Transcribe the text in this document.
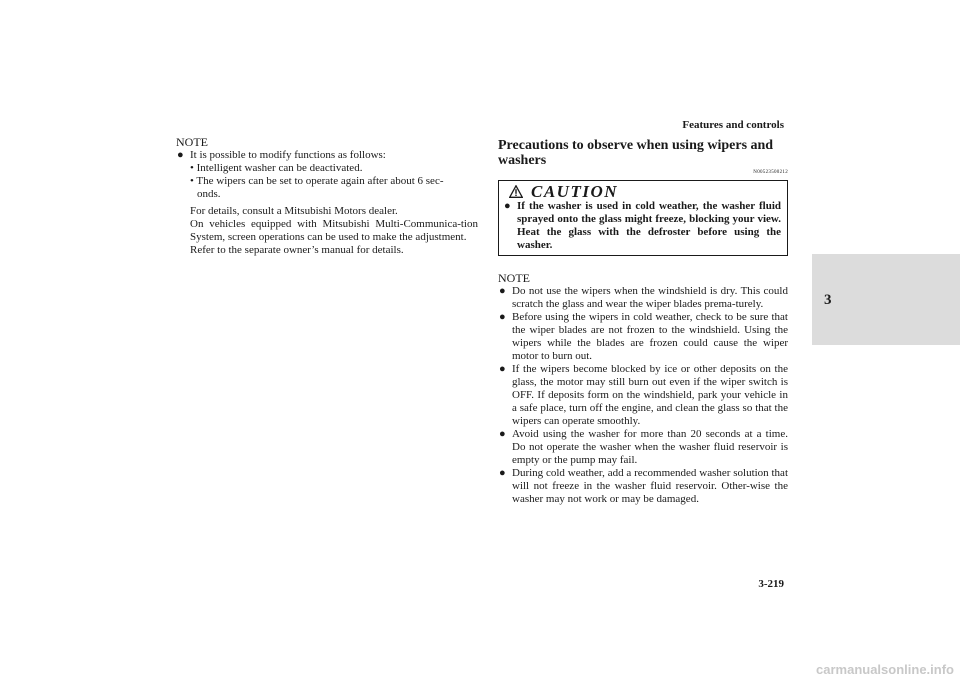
Features and controls
3
NOTE
● It is possible to modify functions as follows:
• Intelligent washer can be deactivated.
• The wipers can be set to operate again after about 6 sec-
onds.
For details, consult a Mitsubishi Motors dealer.
On vehicles equipped with Mitsubishi Multi-Communica-tion System, screen operations can be used to make the adjustment.
Refer to the separate owner’s manual for details.
Precautions to observe when using wipers and washers
N00523500212
CAUTION
● If the washer is used in cold weather, the washer fluid sprayed onto the glass might freeze, blocking your view. Heat the glass with the defroster before using the washer.
NOTE
● Do not use the wipers when the windshield is dry. This could scratch the glass and wear the wiper blades prema-turely.
● Before using the wipers in cold weather, check to be sure that the wiper blades are not frozen to the windshield. Using the wipers while the blades are frozen could cause the wiper motor to burn out.
● If the wipers become blocked by ice or other deposits on the glass, the motor may still burn out even if the wiper switch is OFF. If deposits form on the windshield, park your vehicle in a safe place, turn off the engine, and clean the glass so that the wipers can operate smoothly.
● Avoid using the washer for more than 20 seconds at a time. Do not operate the washer when the washer fluid reservoir is empty or the pump may fail.
● During cold weather, add a recommended washer solution that will not freeze in the washer fluid reservoir. Other-wise the washer may not work or may be damaged.
3-219
carmanualsonline.info
